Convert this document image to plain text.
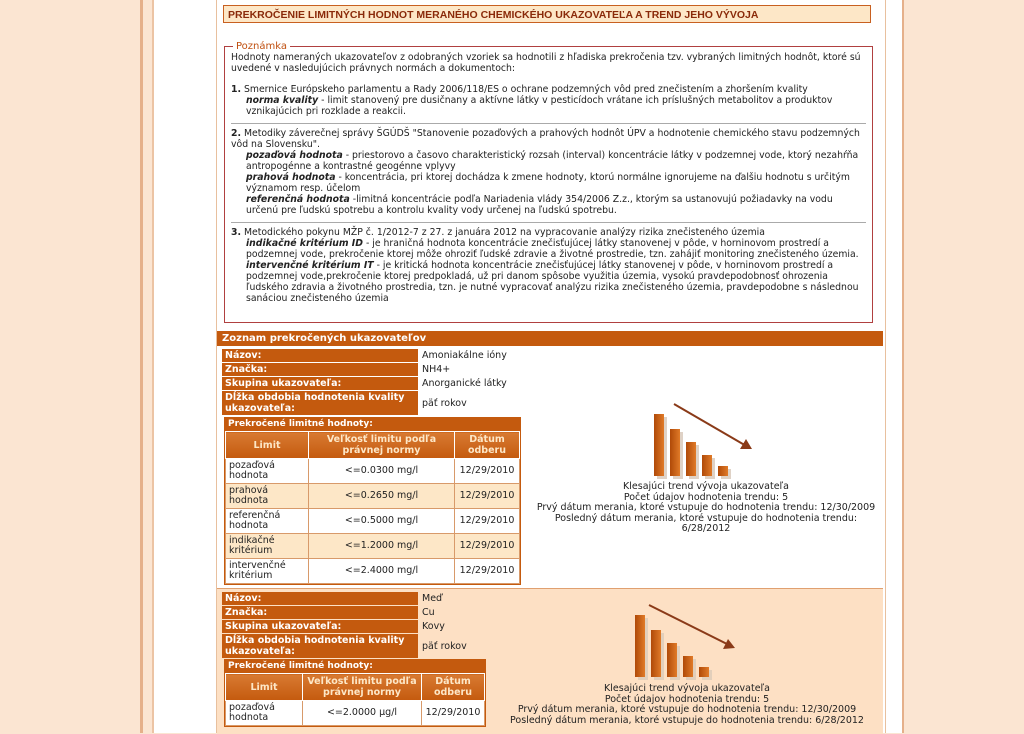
PREKROČENIE LIMITNÝCH HODNOT MERANÉHO CHEMICKÉHO UKAZOVATEĽA A TREND JEHO VÝVOJA
Poznámka

Hodnoty nameraných ukazovateľov z odobraných vzoriek sa hodnotili z hľadiska prekročenia tzv. vybraných limitných hodnôt, ktoré sú uvedené v nasledujúcich právnych normách a dokumentoch:

1. Smernice Európskeho parlamentu a Rady 2006/118/ES o ochrane podzemných vôd pred znečistením a zhoršením kvality

norma kvality - limit stanovený pre dusičnany a aktívne látky v pesticídoch vrátane ich príslušných metabolitov a produktov vznikajúcich pri rozklade a reakcii.

2. Metodiky záverečnej správy ŠGÚDŠ "Stanovenie pozaďových a prahových hodnôt ÚPV a hodnotenie chemického stavu podzemných vôd na Slovensku".

pozaďová hodnota - priestorovo a časovo charakteristický rozsah (interval) koncentrácie látky v podzemnej vode, ktorý nezahŕňa antropogénne a kontrastné geogénne vplyvy

prahová hodnota - koncentrácia, pri ktorej dochádza k zmene hodnoty, ktorú normálne ignorujeme na ďalšiu hodnotu s určitým významom resp. účelom

referenčná hodnota -limitná koncentrácie podľa Nariadenia vlády 354/2006 Z.z., ktorým sa ustanovujú požiadavky na vodu určenú pre ľudskú spotrebu a kontrolu kvality vody určenej na ľudskú spotrebu.

3. Metodického pokynu MŽP č. 1/2012-7 z 27. z januára 2012 na vypracovanie analýzy rizika znečisteného územia

indikačné kritérium ID - je hraničná hodnota koncentrácie znečisťujúcej látky stanovenej v pôde, v horninovom prostredí a podzemnej vode, prekročenie ktorej môže ohroziť ľudské zdravie a životné prostredie, tzn. zahájiť monitoring znečisteného územia.

intervenčné kritérium IT - je kritická hodnota koncentrácie znečisťujúcej látky stanovenej v pôde, v horninovom prostredí a podzemnej vode,prekročenie ktorej predpokladá, už pri danom spôsobe využitia územia, vysokú pravdepodobnosť ohrozenia ľudského zdravia a životného prostredia, tzn. je nutné vypracovať analýzu rizika znečisteného územia, pravdepodobne s následnou sanáciou znečisteného územia

Zoznam prekročených ukazovateľov
Názov:	Amoniakálne ióny
Značka:	NH4+
Skupina ukazovateľa:	Anorganické látky
Dĺžka obdobia hodnotenia kvality ukazovateľa:	päť rokov
Prekročené limitné hodnoty:
Limit	Veľkosť limitu podľa právnej normy	Dátum odberu
pozaďová hodnota	<=0.0300 mg/l	12/29/2010
prahová hodnota	<=0.2650 mg/l	12/29/2010
referenčná hodnota	<=0.5000 mg/l	12/29/2010
indikačné kritérium	<=1.2000 mg/l	12/29/2010
intervenčné kritérium	<=2.4000 mg/l	12/29/2010
Klesajúci trend vývoja ukazovateľa
Počet údajov hodnotenia trendu: 5
Prvý dátum merania, ktoré vstupuje do hodnotenia trendu: 12/30/2009
Posledný dátum merania, ktoré vstupuje do hodnotenia trendu: 6/28/2012
Názov:	Meď
Značka:	Cu
Skupina ukazovateľa:	Kovy
Dĺžka obdobia hodnotenia kvality ukazovateľa:	päť rokov
Prekročené limitné hodnoty:
Limit	Veľkosť limitu podľa právnej normy	Dátum odberu
pozaďová hodnota	<=2.0000 µg/l	12/29/2010
Klesajúci trend vývoja ukazovateľa
Počet údajov hodnotenia trendu: 5
Prvý dátum merania, ktoré vstupuje do hodnotenia trendu: 12/30/2009
Posledný dátum merania, ktoré vstupuje do hodnotenia trendu: 6/28/2012
